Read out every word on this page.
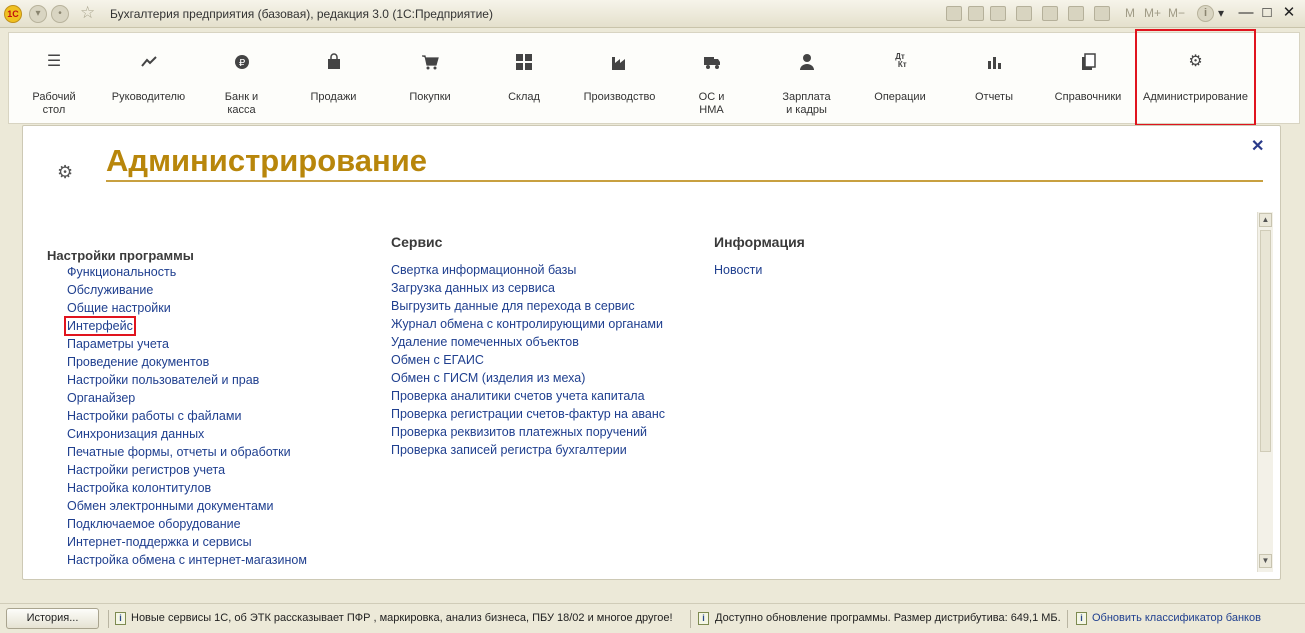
1С	▾	•	☆ Бухгалтерия предприятия (базовая), редакция 3.0 (1С:Предприятие)	M M+ M−	i ▾ — □ ✕
☰
Рабочий
стол
Руководителю
₽
Банк и
касса
Продажи	Покупки	Склад	Производство	ОС и
НМА
Зарплата
и кадры
Дт
Кт
Операции	Отчеты	Справочники
⚙
Администрирование
⚙ Администрирование	✕
▲
▼
Настройки программы
Функциональность
Обслуживание
Общие настройки
Интерфейс
Параметры учета
Проведение документов
Настройки пользователей и прав
Органайзер
Настройки работы с файлами
Синхронизация данных
Печатные формы, отчеты и обработки
Настройки регистров учета
Настройка колонтитулов
Обмен электронными документами
Подключаемое оборудование
Интернет-поддержка и сервисы
Настройка обмена с интернет-магазином
Сервис
Свертка информационной базы
Загрузка данных из сервиса
Выгрузить данные для перехода в сервис
Журнал обмена с контролирующими органами
Удаление помеченных объектов
Обмен с ЕГАИС
Обмен с ГИСМ (изделия из меха)
Проверка аналитики счетов учета капитала
Проверка регистрации счетов-фактур на аванс
Проверка реквизитов платежных поручений
Проверка записей регистра бухгалтерии
Информация
Новости
История...	i Новые сервисы 1С, об ЭТК рассказывает ПФР , маркировка, анализ бизнеса, ПБУ 18/02 и многое другое!	i Доступно обновление программы. Размер дистрибутива: 649,1 МБ.	i Обновить классификатор банков
